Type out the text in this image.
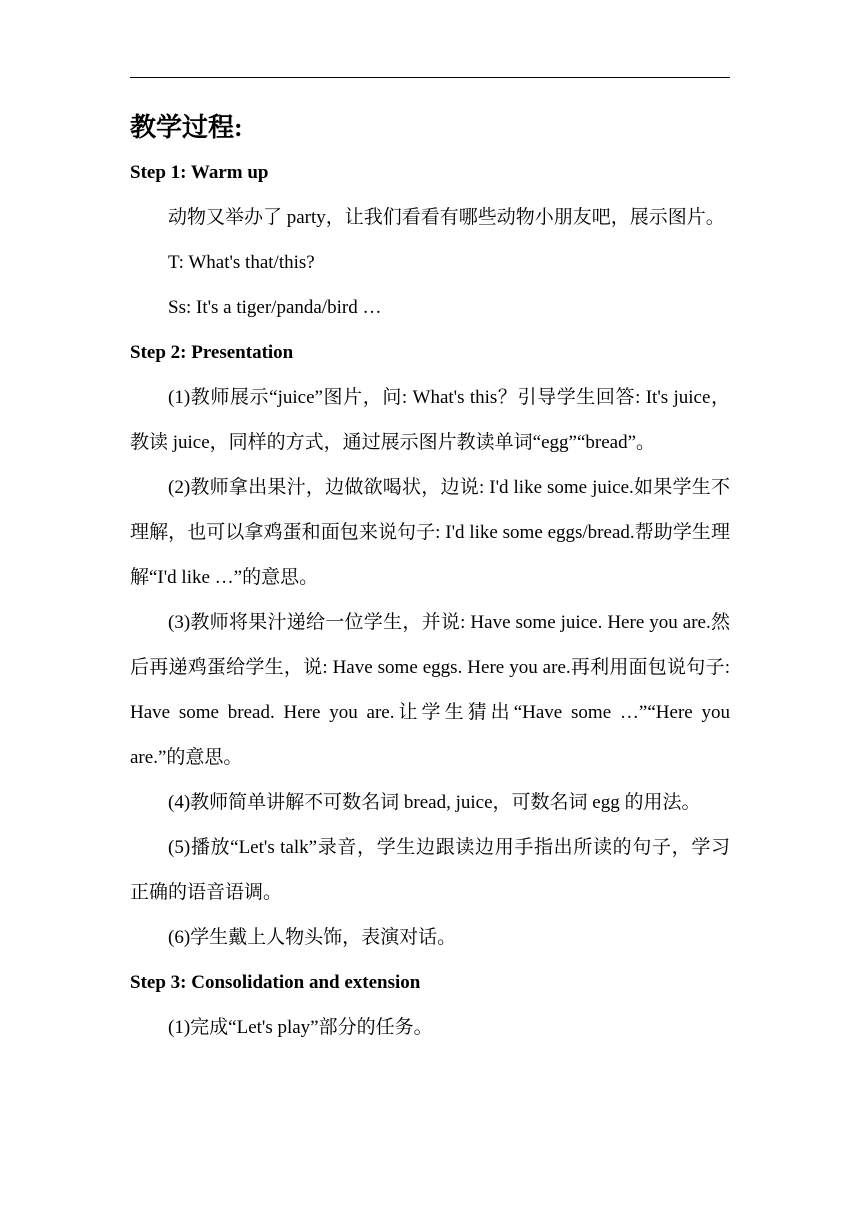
教学过程:
Step 1: Warm up

动物又举办了 party，让我们看看有哪些动物小朋友吧，展示图片。

T: What's that/this?

Ss: It's a tiger/panda/bird …

Step 2: Presentation

(1)教师展示“juice”图片，问: What's this？引导学生回答: It's juice，教读 juice，同样的方式，通过展示图片教读单词“egg”“bread”。

(2)教师拿出果汁，边做欲喝状，边说: I'd like some juice.如果学生不理解，也可以拿鸡蛋和面包来说句子: I'd like some eggs/bread.帮助学生理解“I'd like …”的意思。

(3)教师将果汁递给一位学生，并说: Have some juice. Here you are.然后再递鸡蛋给学生，说: Have some eggs. Here you are.再利用面包说句子: Have some bread. Here you are.让学生猜出“Have some …”“Here you are.”的意思。

(4)教师简单讲解不可数名词 bread, juice，可数名词 egg 的用法。

(5)播放“Let's talk”录音，学生边跟读边用手指出所读的句子，学习正确的语音语调。

(6)学生戴上人物头饰，表演对话。

Step 3: Consolidation and extension

(1)完成“Let's play”部分的任务。
